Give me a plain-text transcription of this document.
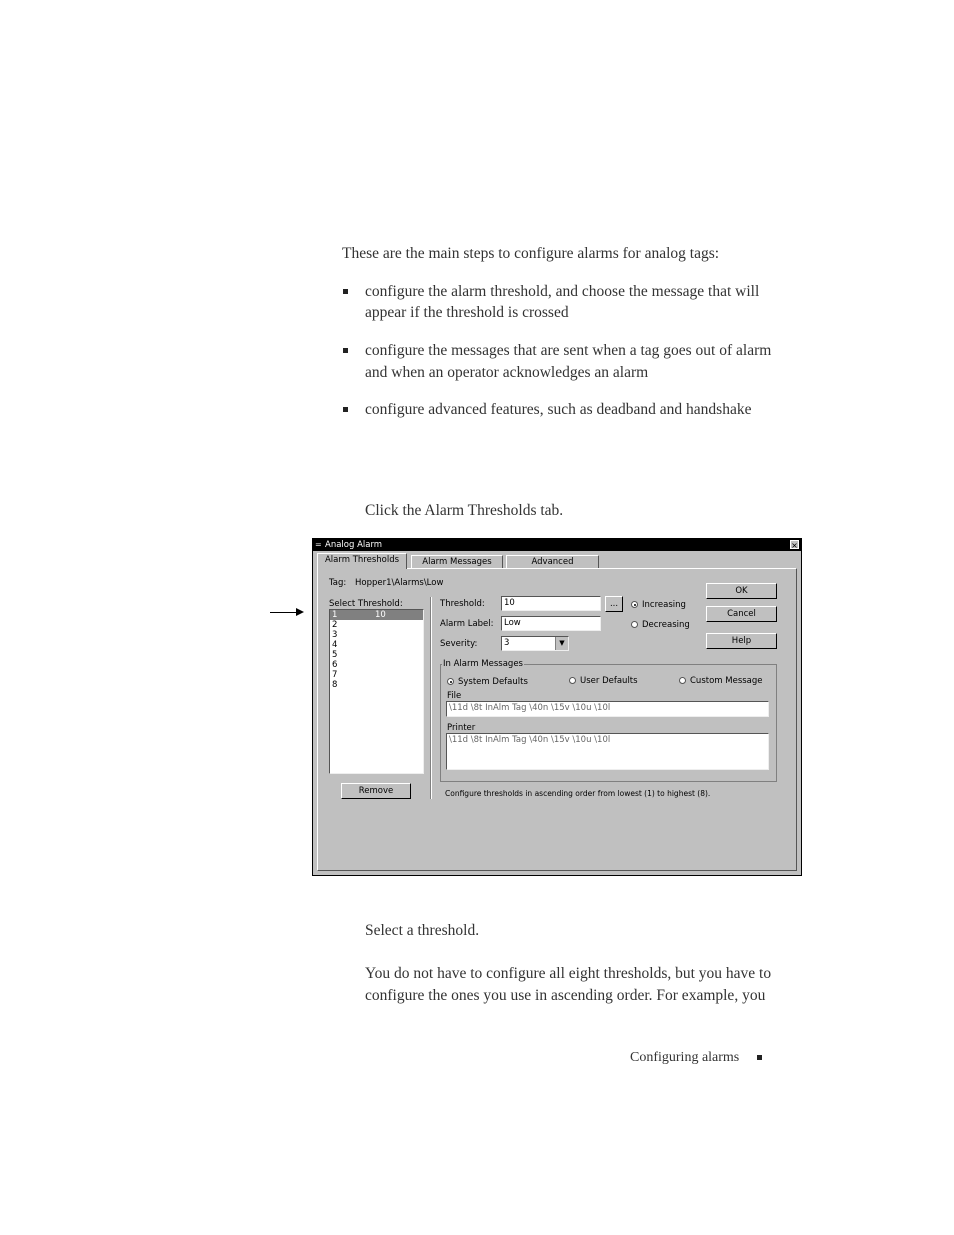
These are the main steps to configure alarms for analog tags:
configure the alarm threshold, and choose the message that will
appear if the threshold is crossed
configure the messages that are sent when a tag goes out of alarm
and when an operator acknowledges an alarm
configure advanced features, such as deadband and handshake
Click the Alarm Thresholds tab.
= Analog Alarm	×
Alarm Thresholds	Alarm Messages	Advanced
Tag: Hopper1\Alarms\Low
Select Threshold:
1	10
2
3
4
5
6
7
8
Threshold:	10	...
Alarm Label:	Low
Severity:	3	▼
Increasing
Decreasing
OK
Cancel
Help
In Alarm Messages
System Defaults	User Defaults	Custom Message
File
\11d \8t InAlm Tag \40n \15v \10u \10l
Printer
\11d \8t InAlm Tag \40n \15v \10u \10l
Remove	Configure thresholds in ascending order from lowest (1) to highest (8).
Select a threshold.
You do not have to configure all eight thresholds, but you have to
configure the ones you use in ascending order. For example, you
Configuring alarms
